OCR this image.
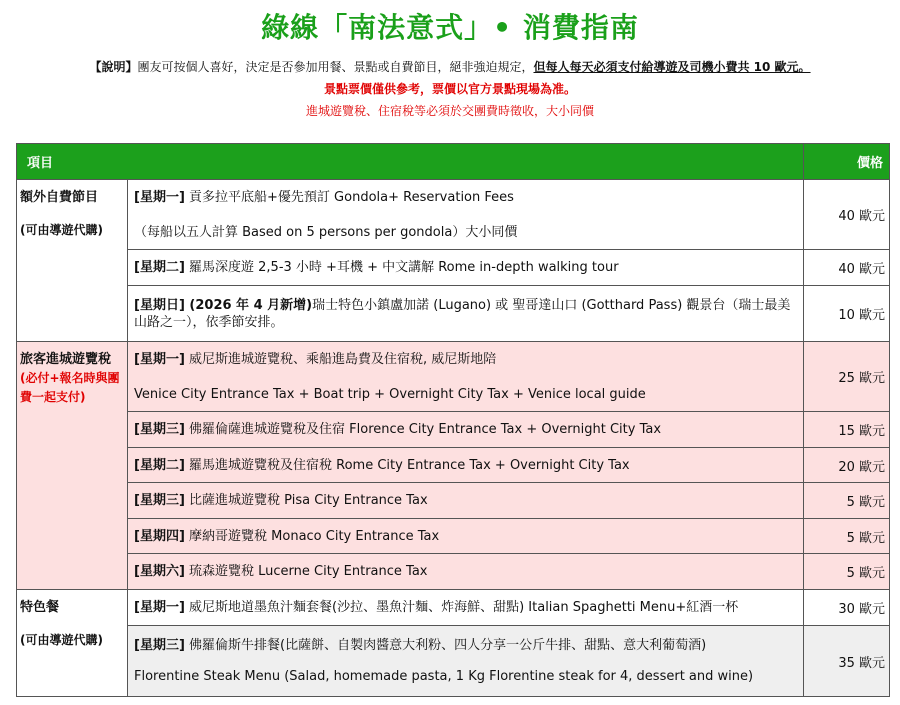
綠線「南法意式」• 消費指南
【說明】團友可按個人喜好，決定是否參加用餐、景點或自費節目，絕非強迫規定，但每人每天必須支付給導遊及司機小費共 10 歐元。
景點票價僅供參考，票價以官方景點現場為准。
進城遊覽稅、住宿稅等必須於交團費時徵收，大小同價
項目		價格

額外自費節目
(可由導遊代購)	[星期一] 貢多拉平底船+優先預訂 Gondola+ Reservation Fees
（每船以五人計算 Based on 5 persons per gondola）大小同價	40 歐元
	[星期二] 羅馬深度遊 2,5-3 小時 +耳機 + 中文講解 Rome in-depth walking tour	40 歐元
	[星期日] (2026 年 4 月新增)瑞士特色小鎮盧加諾 (Lugano) 或 聖哥達山口 (Gotthard Pass) 觀景台（瑞士最美山路之一），依季節安排。	10 歐元

旅客進城遊覽稅
(必付+報名時與團費一起支付)	[星期一] 威尼斯進城遊覽稅、乘船進島費及住宿稅, 威尼斯地陪
Venice City Entrance Tax + Boat trip + Overnight City Tax + Venice local guide	25 歐元
	[星期三] 佛羅倫薩進城遊覽稅及住宿 Florence City Entrance Tax + Overnight City Tax	15 歐元
	[星期二] 羅馬進城遊覽稅及住宿稅 Rome City Entrance Tax + Overnight City Tax	20 歐元
	[星期三] 比薩進城遊覽稅 Pisa City Entrance Tax	5 歐元
	[星期四] 摩納哥遊覽稅 Monaco City Entrance Tax	5 歐元
	[星期六] 琉森遊覽稅 Lucerne City Entrance Tax	5 歐元

特色餐
(可由導遊代購)	[星期一] 威尼斯地道墨魚汁麵套餐(沙拉、墨魚汁麵、炸海鮮、甜點) Italian Spaghetti Menu+紅酒一杯	30 歐元
	[星期三] 佛羅倫斯牛排餐(比薩餅、自製肉醬意大利粉、四人分享一公斤牛排、甜點、意大利葡萄酒)
Florentine Steak Menu (Salad, homemade pasta, 1 Kg Florentine steak for 4, dessert and wine)	35 歐元
